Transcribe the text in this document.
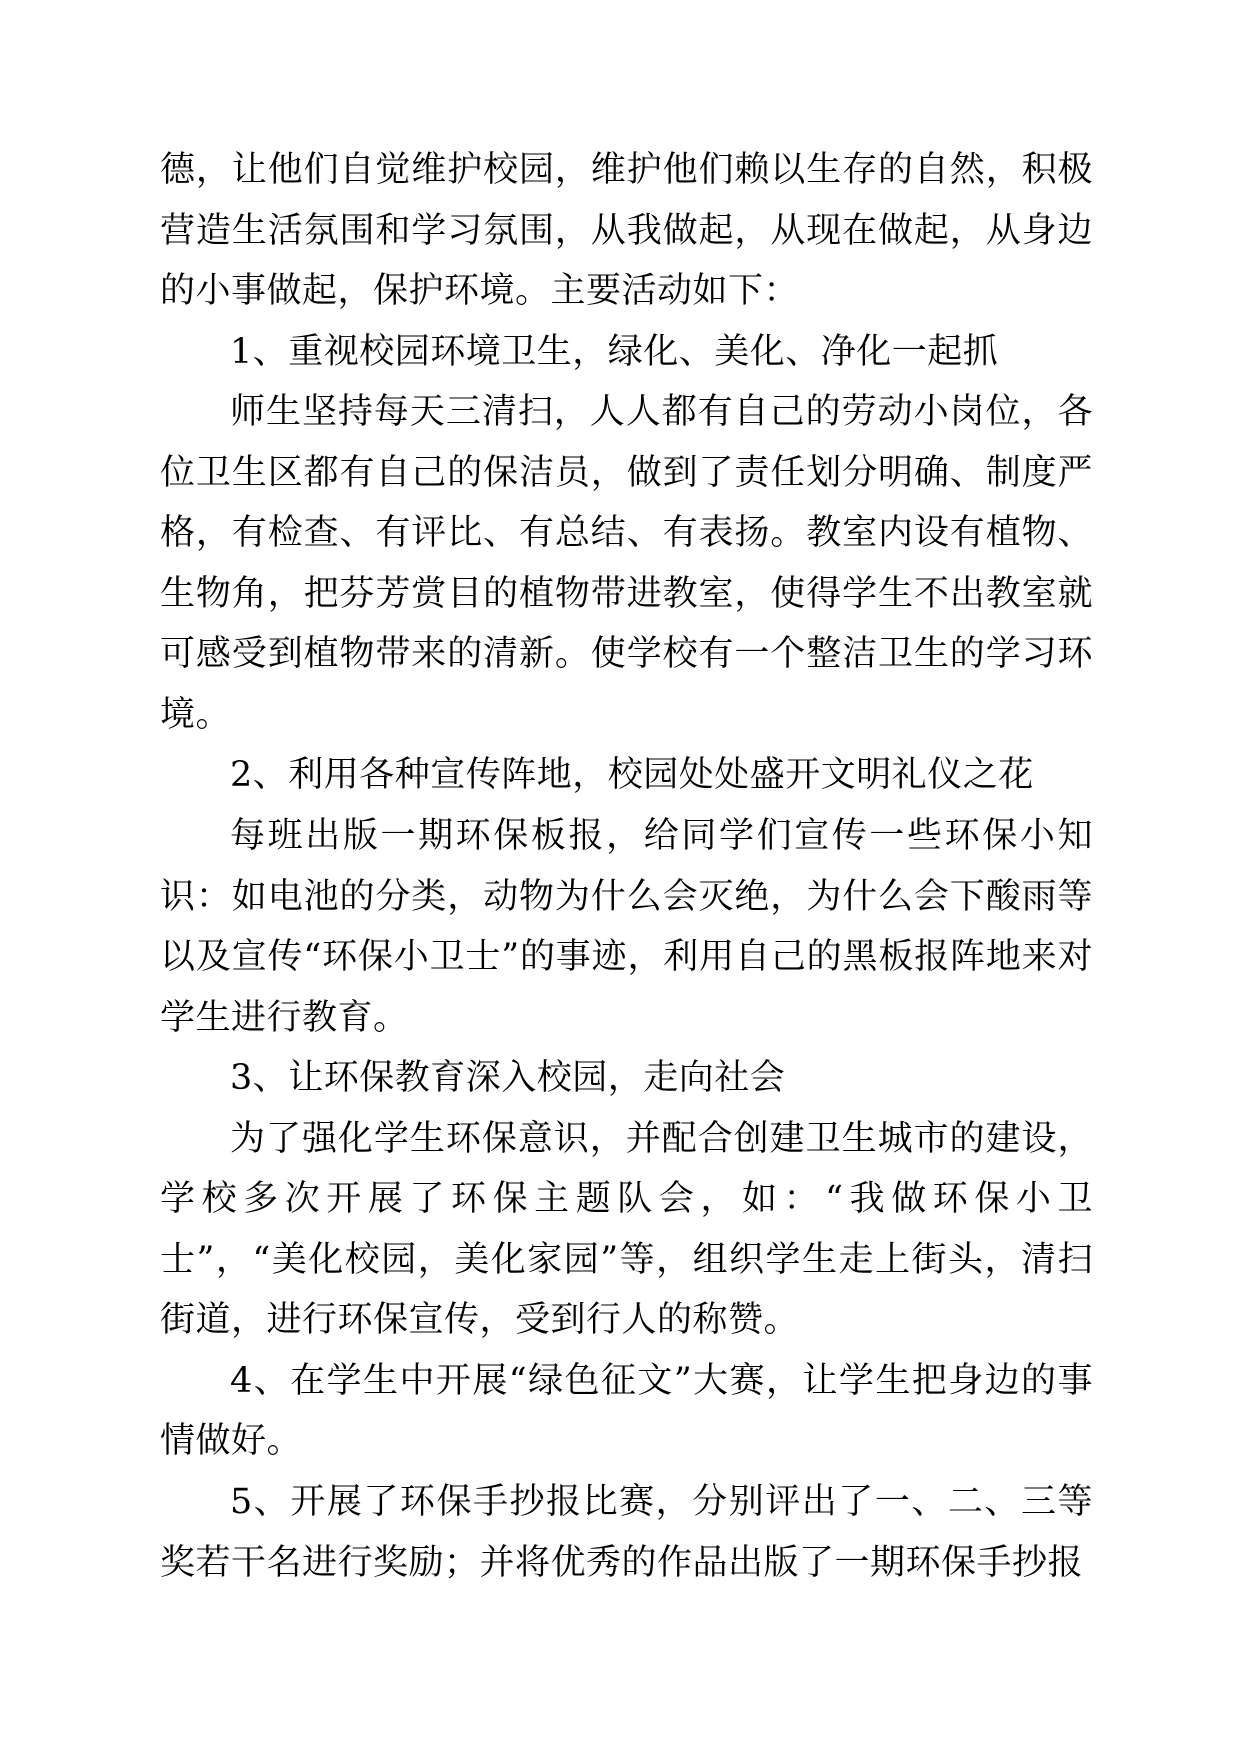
德，让他们自觉维护校园，维护他们赖以生存的自然，积极营造生活氛围和学习氛围，从我做起，从现在做起，从身边的小事做起，保护环境。主要活动如下：

1、重视校园环境卫生，绿化、美化、净化一起抓

师生坚持每天三清扫，人人都有自己的劳动小岗位，各位卫生区都有自己的保洁员，做到了责任划分明确、制度严格，有检查、有评比、有总结、有表扬。教室内设有植物、生物角，把芬芳赏目的植物带进教室，使得学生不出教室就可感受到植物带来的清新。使学校有一个整洁卫生的学习环境。

2、利用各种宣传阵地，校园处处盛开文明礼仪之花

每班出版一期环保板报，给同学们宣传一些环保小知识：如电池的分类，动物为什么会灭绝，为什么会下酸雨等以及宣传“环保小卫士”的事迹，利用自己的黑板报阵地来对学生进行教育。

3、让环保教育深入校园，走向社会

为了强化学生环保意识，并配合创建卫生城市的建设，学校多次开展了环保主题队会，如：“我做环保小卫士”，“美化校园，美化家园”等，组织学生走上街头，清扫街道，进行环保宣传，受到行人的称赞。

4、在学生中开展“绿色征文”大赛，让学生把身边的事情做好。

5、开展了环保手抄报比赛，分别评出了一、二、三等奖若干名进行奖励；并将优秀的作品出版了一期环保手抄报
